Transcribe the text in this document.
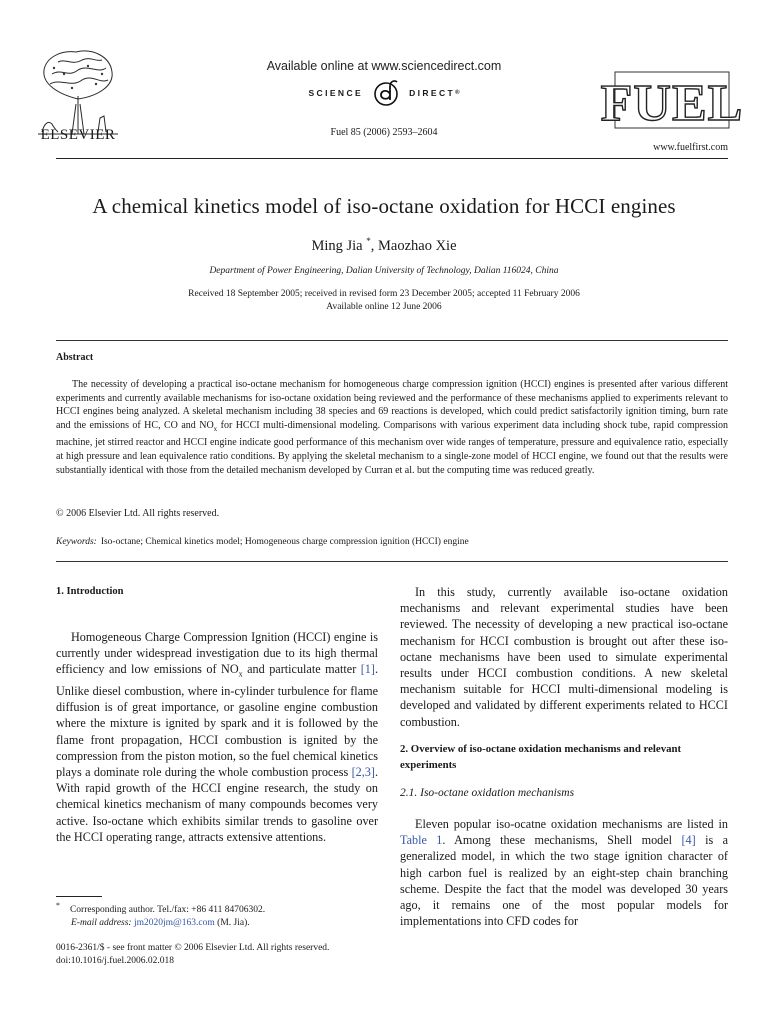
ELSEVIER
Available online at www.sciencedirect.com
SCIENCE	DIRECT®
Fuel 85 (2006) 2593–2604
FUEL
www.fuelfirst.com
A chemical kinetics model of iso-octane oxidation for HCCI engines
Ming Jia *, Maozhao Xie
Department of Power Engineering, Dalian University of Technology, Dalian 116024, China
Received 18 September 2005; received in revised form 23 December 2005; accepted 11 February 2006
Available online 12 June 2006
Abstract
The necessity of developing a practical iso-octane mechanism for homogeneous charge compression ignition (HCCI) engines is presented after various different experiments and currently available mechanisms for iso-octane oxidation being reviewed and the performance of these mechanisms applied to experiments relevant to HCCI engines being analyzed. A skeletal mechanism including 38 species and 69 reactions is developed, which could predict satisfactorily ignition timing, burn rate and the emissions of HC, CO and $NO_x$ for HCCI multi-dimensional modeling. Comparisons with various experiment data including shock tube, rapid compression machine, jet stirred reactor and HCCI engine indicate good performance of this mechanism over wide ranges of temperature, pressure and equivalence ratio, especially at high pressure and lean equivalence ratio conditions. By applying the skeletal mechanism to a single-zone model of HCCI engine, we found out that the results were substantially identical with those from the detailed mechanism developed by Curran et al. but the computing time was reduced greatly.
© 2006 Elsevier Ltd. All rights reserved.
Keywords: Iso-octane; Chemical kinetics model; Homogeneous charge compression ignition (HCCI) engine
1. Introduction
Homogeneous Charge Compression Ignition (HCCI) engine is currently under widespread investigation due to its high thermal efficiency and low emissions of $NO_x$ and particulate matter [1]. Unlike diesel combustion, where in-cylinder turbulence for flame diffusion is of great importance, or gasoline engine combustion where the mixture is ignited by spark and it is followed by the flame front propagation, HCCI combustion is ignited by the compression from the piston motion, so the fuel chemical kinetics plays a dominate role during the whole combustion process [2,3]. With rapid growth of the HCCI engine research, the study on chemical kinetics mechanism of many compounds becomes very active. Iso-octane which exhibits similar trends to gasoline over the HCCI operating range, attracts extensive attentions.
In this study, currently available iso-octane oxidation mechanisms and relevant experimental studies have been reviewed. The necessity of developing a new practical iso-octane mechanism for HCCI combustion is brought out after these iso-octane mechanisms have been used to simulate experimental results under HCCI combustion conditions. A new skeletal mechanism suitable for HCCI multi-dimensional modeling is developed and validated by different experiments related to HCCI combustion.
2. Overview of iso-octane oxidation mechanisms and relevant experiments
2.1. Iso-octane oxidation mechanisms
Eleven popular iso-ocatne oxidation mechanisms are listed in Table 1. Among these mechanisms, Shell model [4] is a generalized model, in which the two stage ignition character of high carbon fuel is realized by an eight-step chain branching scheme. Despite the fact that the model was developed 30 years ago, it remains one of the most popular models for implementations into CFD codes for
* Corresponding author. Tel./fax: +86 411 84706302.
E-mail address: jm2020jm@163.com (M. Jia).
0016-2361/$ - see front matter © 2006 Elsevier Ltd. All rights reserved.
doi:10.1016/j.fuel.2006.02.018
